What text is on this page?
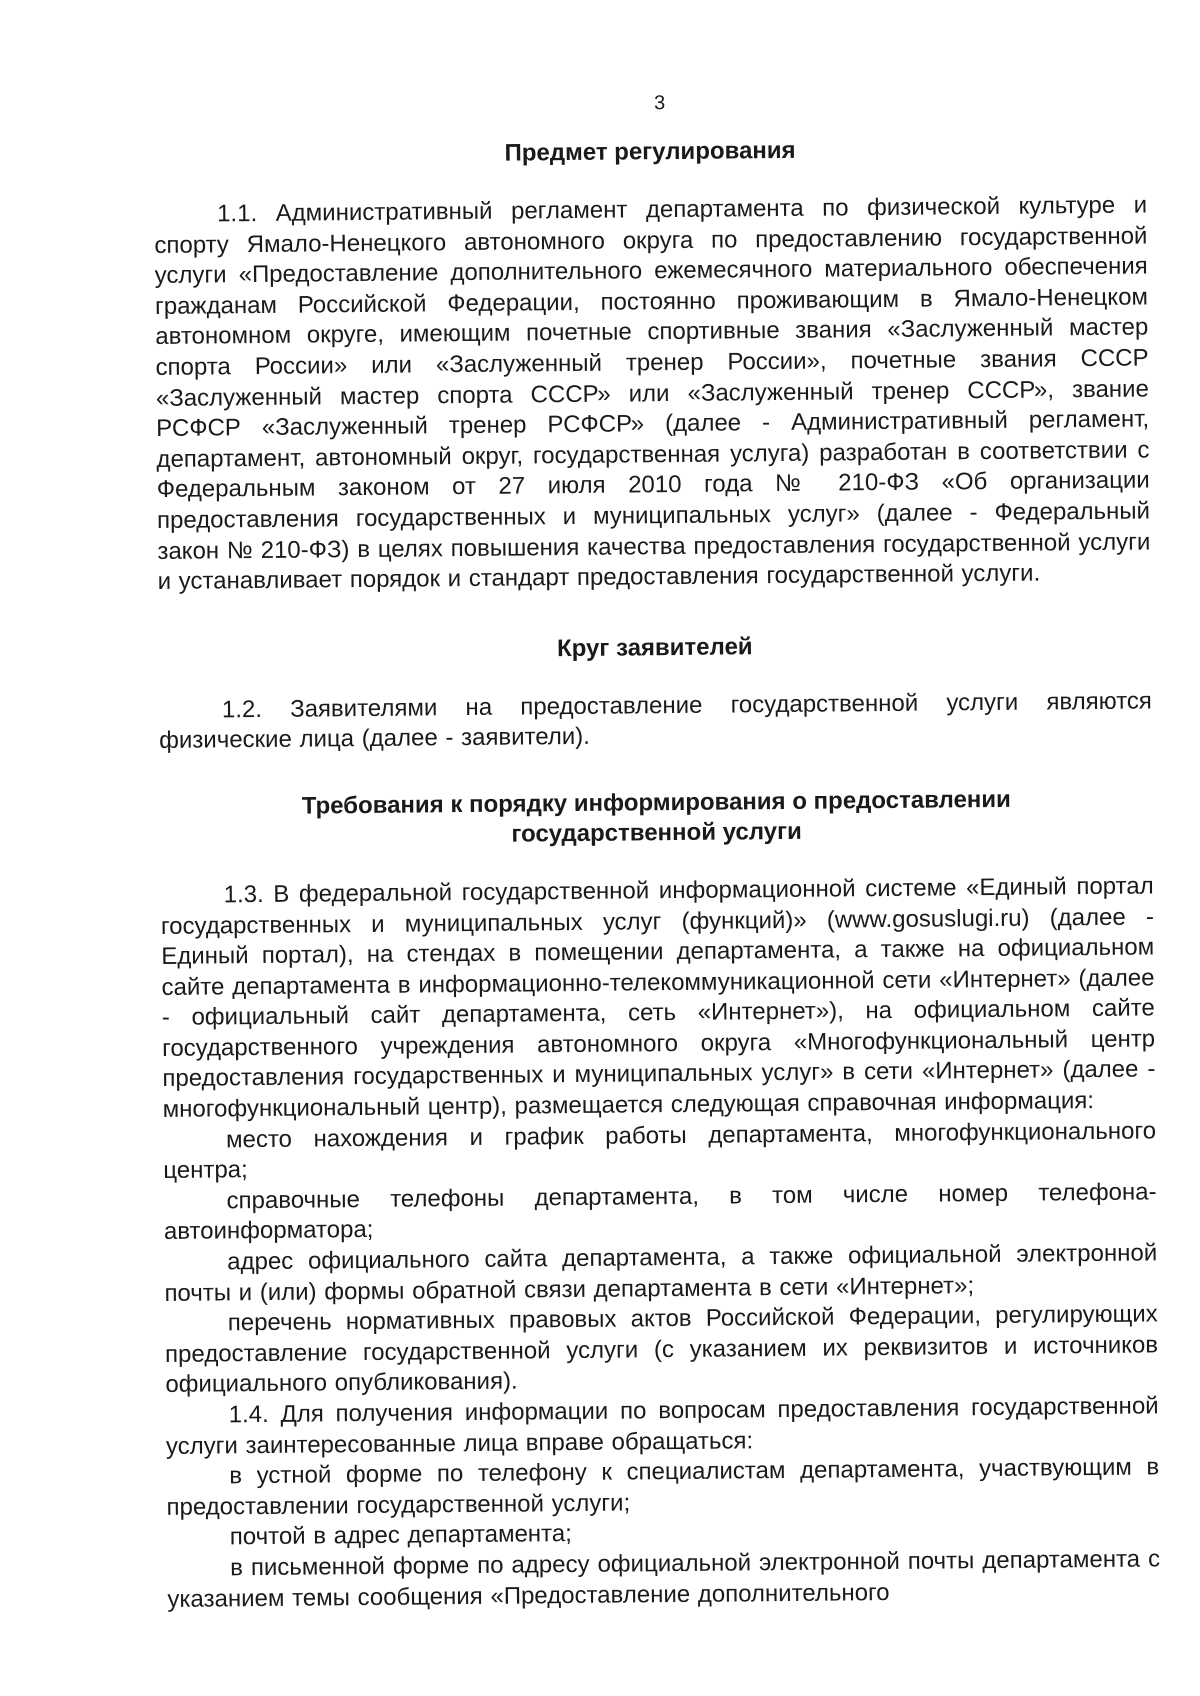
3
Предмет регулирования

1.1. Административный регламент департамента по физической культуре и спорту Ямало-Ненецкого автономного округа по предоставлению государственной услуги «Предоставление дополнительного ежемесячного материального обеспечения гражданам Российской Федерации, постоянно проживающим в Ямало-Ненецком автономном округе, имеющим почетные спортивные звания «Заслуженный мастер спорта России» или «Заслуженный тренер России», почетные звания СССР «Заслуженный мастер спорта СССР» или «Заслуженный тренер СССР», звание РСФСР «Заслуженный тренер РСФСР» (далее - Административный регламент, департамент, автономный округ, государственная услуга) разработан в соответствии с Федеральным законом от 27 июля 2010 года № 210-ФЗ «Об организации предоставления государственных и муниципальных услуг» (далее - Федеральный закон № 210-ФЗ) в целях повышения качества предоставления государственной услуги и устанавливает порядок и стандарт предоставления государственной услуги.

Круг заявителей

1.2. Заявителями на предоставление государственной услуги являются физические лица (далее - заявители).

Требования к порядку информирования о предоставлении
государственной услуги

1.3. В федеральной государственной информационной системе «Единый портал государственных и муниципальных услуг (функций)» (www.gosuslugi.ru) (далее - Единый портал), на стендах в помещении департамента, а также на официальном сайте департамента в информационно-телекоммуникационной сети «Интернет» (далее - официальный сайт департамента, сеть «Интернет»), на официальном сайте государственного учреждения автономного округа «Многофункциональный центр предоставления государственных и муниципальных услуг» в сети «Интернет» (далее - многофункциональный центр), размещается следующая справочная информация:

место нахождения и график работы департамента, многофункционального центра;

справочные телефоны департамента, в том числе номер телефона-автоинформатора;

адрес официального сайта департамента, а также официальной электронной почты и (или) формы обратной связи департамента в сети «Интернет»;

перечень нормативных правовых актов Российской Федерации, регулирующих предоставление государственной услуги (с указанием их реквизитов и источников официального опубликования).

1.4. Для получения информации по вопросам предоставления государственной услуги заинтересованные лица вправе обращаться:

в устной форме по телефону к специалистам департамента, участвующим в предоставлении государственной услуги;

почтой в адрес департамента;

в письменной форме по адресу официальной электронной почты департамента с указанием темы сообщения «Предоставление дополнительного
